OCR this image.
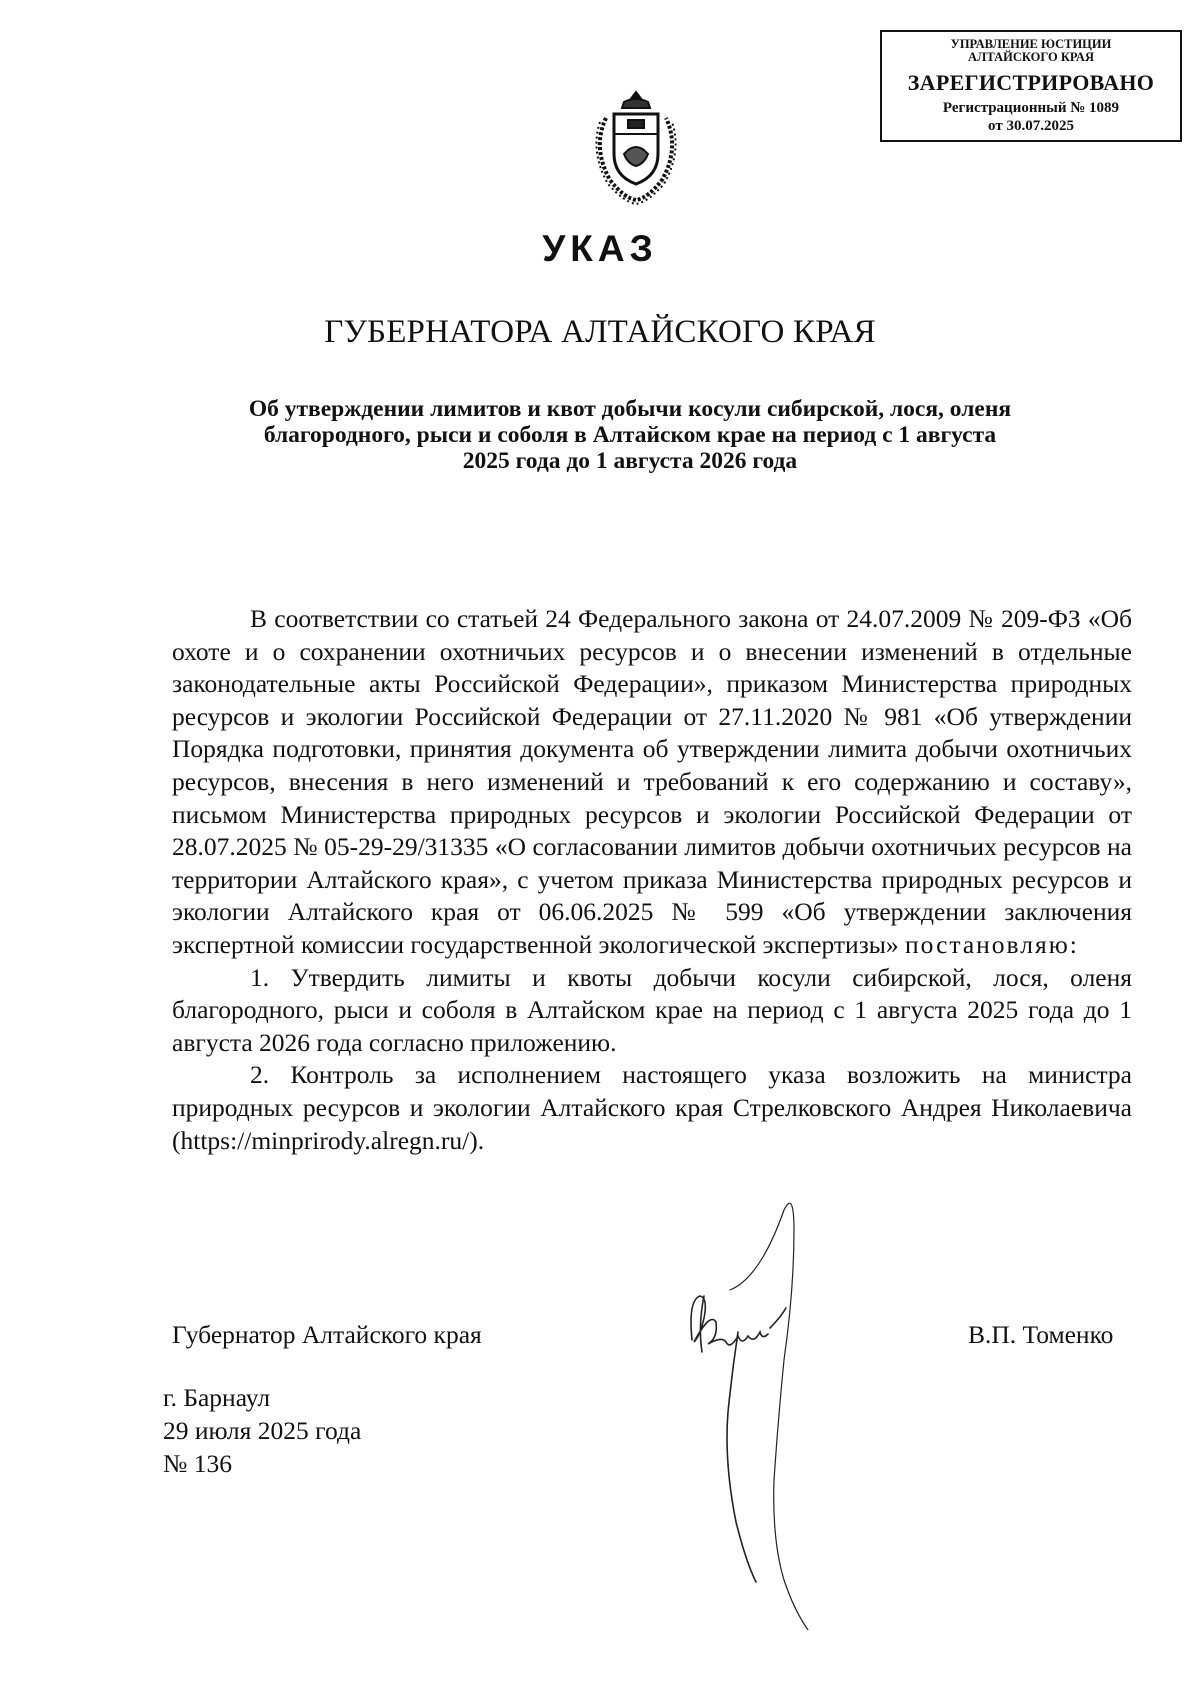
УПРАВЛЕНИЕ ЮСТИЦИИ
АЛТАЙСКОГО КРАЯ
ЗАРЕГИСТРИРОВАНО
Регистрационный № 1089
от 30.07.2025
УКАЗ
ГУБЕРНАТОРА АЛТАЙСКОГО КРАЯ
Об утверждении лимитов и квот добычи косули сибирской, лося, оленя
благородного, рыси и соболя в Алтайском крае на период с 1 августа
2025 года до 1 августа 2026 года

В соответствии со статьей 24 Федерального закона от 24.07.2009 № 209-ФЗ «Об охоте и о сохранении охотничьих ресурсов и о внесении изменений в отдельные законодательные акты Российской Федерации», приказом Министерства природных ресурсов и экологии Российской Федерации от 27.11.2020 № 981 «Об утверждении Порядка подготовки, принятия документа об утверждении лимита добычи охотничьих ресурсов, внесения в него изменений и требований к его содержанию и составу», письмом Министерства природных ресурсов и экологии Российской Федерации от 28.07.2025 № 05-29-29/31335 «О согласовании лимитов добычи охотничьих ресурсов на территории Алтайского края», с учетом приказа Министерства природных ресурсов и экологии Алтайского края от 06.06.2025 № 599 «Об утверждении заключения экспертной комиссии государственной экологической экспертизы» постановляю:

1. Утвердить лимиты и квоты добычи косули сибирской, лося, оленя благородного, рыси и соболя в Алтайском крае на период с 1 августа 2025 года до 1 августа 2026 года согласно приложению.

2. Контроль за исполнением настоящего указа возложить на министра природных ресурсов и экологии Алтайского края Стрелковского Андрея Николаевича (https://minprirody.alregn.ru/).

Губернатор Алтайского края	В.П. Томенко
г. Барнаул
29 июля 2025 года
№ 136
